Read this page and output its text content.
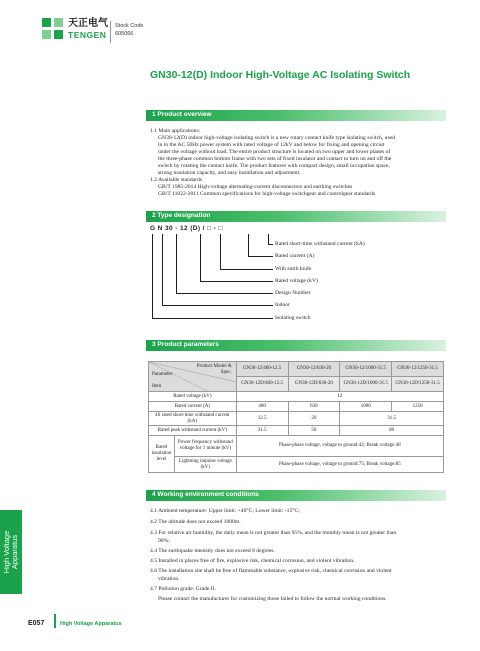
天正电气
TENGEN
Stock Code
605066
GN30-12(D) Indoor High-Voltage AC Isolating Switch
1 Product overview
1.1 Main applications:
GN30-12(D) indoor high-voltage isolating switch is a new rotary contact knife type isolating switch, used
in in the AC 50Hz power system with rated voltage of 12kV and below for fixing and opening circuit
under the voltage without load. The entire product structure is located on two upper and lower planes of
the three-phase common bottom frame with two sets of fixed insulator and contact to turn on and off the
switch by rotating the contact knife. The product features with compact design, small occupation space,
strong insulation capacity, and easy installation and adjustment.
1.2 Available standards
GB/T 1985-2014 High-voltage alternating-current disconnectors and earthing switches
GB/T 11022-2011 Common specifications for high-voltage switchgear and controlgear standards
2 Type designation
G N 30 - 12 (D) / □ - □
Rated short-time withstand current (kA)
Rated current (A)
With earth knife
Rated voltage (kV)
Design Number
Indoor
Isolating switch
3 Product parameters
Product Model & Spec.
Parameter
Item		GN30-12/400-12.5	GN30-12/630-20	GN30-12/1000-31.5	GN30-12/1250-31.5
		GN30-12D/400-12.5	GN30-12D/630-20	GN30-12D/1000-31.5	GN30-12D/1250-31.5
Rated voltage (kV)		12			
Rated current (A)		400	630	1000	1250
4S rated short-time withstand current (kA)		12.5	20	31.5	
Rated peak withstand current (kV)		31.5	50	80	
Rated insulation level	Power frequency withstand voltage for 1 minute (kV)	Phase-phase voltage, voltage to ground:42; Break voltage:48			
	Lightning impulse voltage (kV)	Phase-phase voltage, voltage to ground:75; Break voltage:85			
4 Working environment conditions
4.1 Ambient temperature: Upper limit: +40°C; Lower limit: -15°C;
4.2 The altitude does not exceed 1000m.
4.3 For relative air humidity, the daily mean is not greater than 95%, and the monthly mean is not greater than
90%;
4.4 The earthquake intensity does not exceed 8 degrees.
4.5 Installed in places free of fire, explosive risk, chemical corrosion, and violent vibration.
4.6 The installation site shall be free of flammable substance, explosive risk, chemical corrosion and violent
vibration.
4.7 Pollution grade: Grade II.
Please contact the manufacturer for customizing those failed to follow the normal working conditions.
High Voltage Apparatus
E057	High Voltage Apparatus
